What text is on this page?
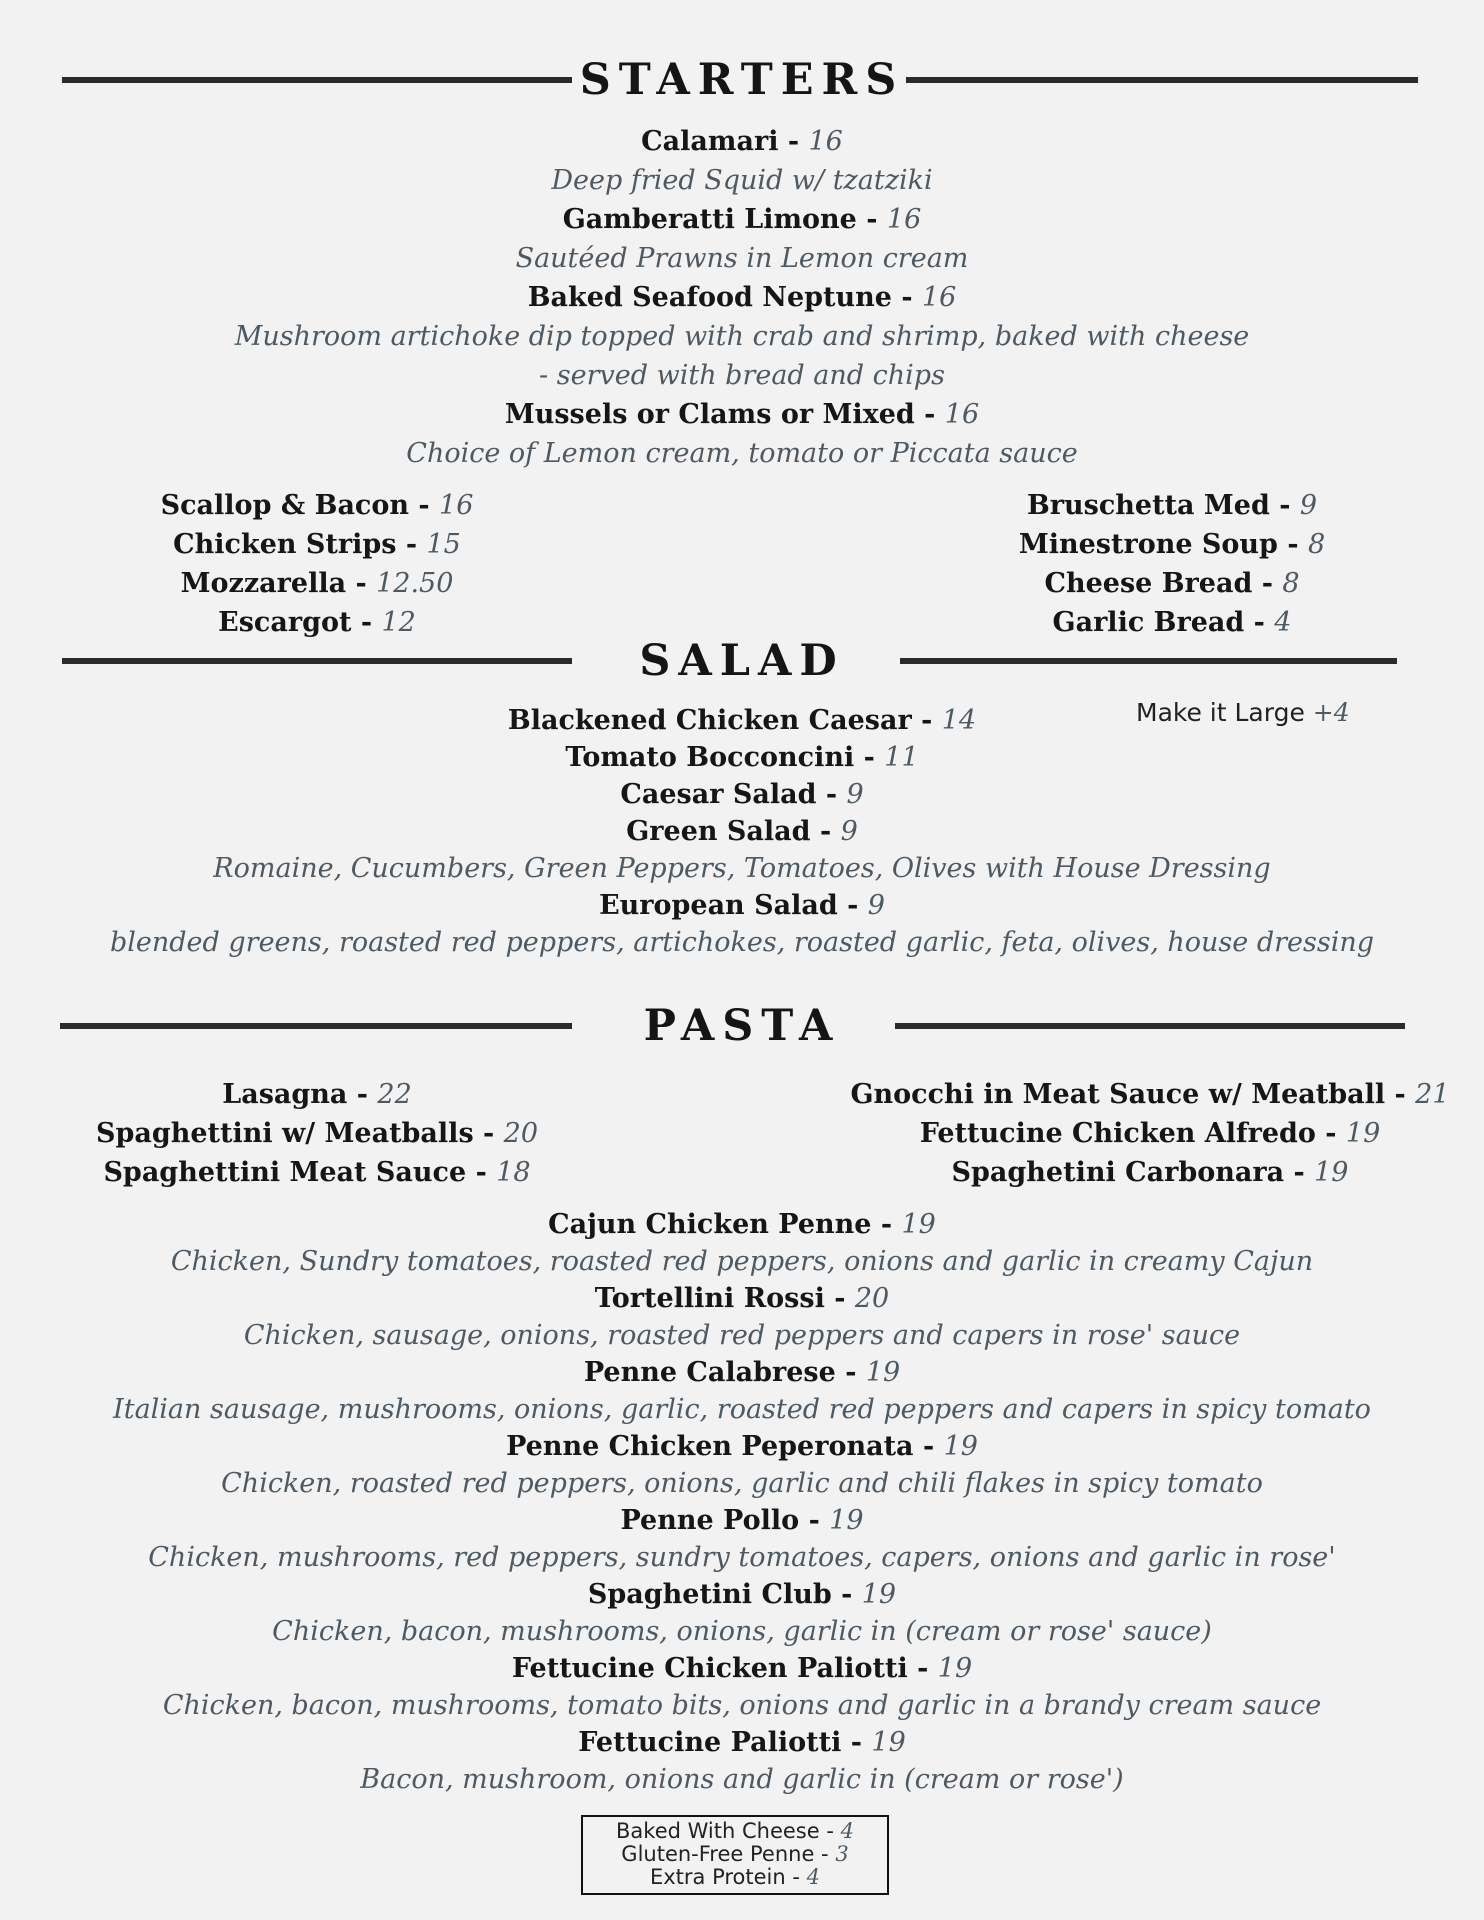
STARTERS
Calamari - 16
Deep fried Squid w/ tzatziki
Gamberatti Limone - 16
Sautéed Prawns in Lemon cream
Baked Seafood Neptune - 16
Mushroom artichoke dip topped with crab and shrimp, baked with cheese
- served with bread and chips
Mussels or Clams or Mixed - 16
Choice of Lemon cream, tomato or Piccata sauce
Scallop & Bacon - 16
Chicken Strips - 15
Mozzarella - 12.50
Escargot - 12
Bruschetta Med - 9
Minestrone Soup - 8
Cheese Bread - 8
Garlic Bread - 4
SALAD
Make it Large +4
Blackened Chicken Caesar - 14
Tomato Bocconcini - 11
Caesar Salad - 9
Green Salad - 9
Romaine, Cucumbers, Green Peppers, Tomatoes, Olives with House Dressing
European Salad - 9
blended greens, roasted red peppers, artichokes, roasted garlic, feta, olives, house dressing
PASTA
Lasagna - 22
Spaghettini w/ Meatballs - 20
Spaghettini Meat Sauce - 18
Gnocchi in Meat Sauce w/ Meatball - 21
Fettucine Chicken Alfredo - 19
Spaghetini Carbonara - 19
Cajun Chicken Penne - 19
Chicken, Sundry tomatoes, roasted red peppers, onions and garlic in creamy Cajun
Tortellini Rossi - 20
Chicken, sausage, onions, roasted red peppers and capers in rose' sauce
Penne Calabrese - 19
Italian sausage, mushrooms, onions, garlic, roasted red peppers and capers in spicy tomato
Penne Chicken Peperonata - 19
Chicken, roasted red peppers, onions, garlic and chili flakes in spicy tomato
Penne Pollo - 19
Chicken, mushrooms, red peppers, sundry tomatoes, capers, onions and garlic in rose'
Spaghetini Club - 19
Chicken, bacon, mushrooms, onions, garlic in (cream or rose' sauce)
Fettucine Chicken Paliotti - 19
Chicken, bacon, mushrooms, tomato bits, onions and garlic in a brandy cream sauce
Fettucine Paliotti - 19
Bacon, mushroom, onions and garlic in (cream or rose')
Baked With Cheese - 4
Gluten-Free Penne - 3
Extra Protein - 4
